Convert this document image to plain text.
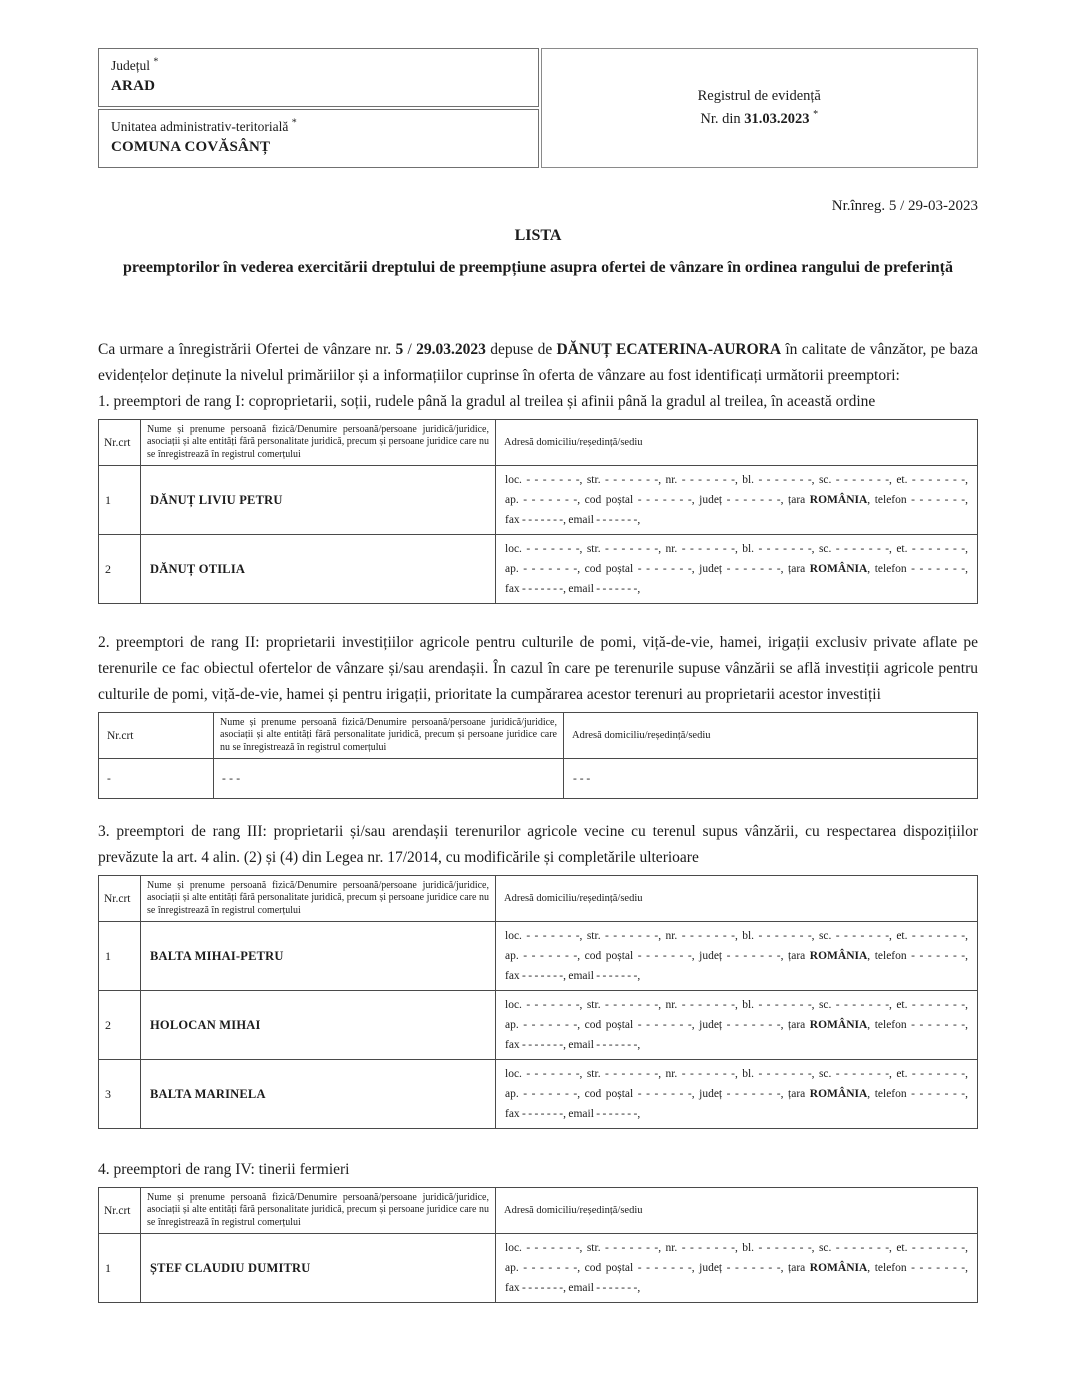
Județul *
ARAD
Unitatea administrativ-teritorială *
COMUNA COVĂSÂNȚ
Registrul de evidență
Nr. din 31.03.2023 *
Nr.înreg. 5 / 29-03-2023
LISTA
preemptorilor în vederea exercitării dreptului de preempțiune asupra ofertei de vânzare în ordinea rangului de preferință

Ca urmare a înregistrării Ofertei de vânzare nr. 5 / 29.03.2023 depuse de DĂNUȚ ECATERINA-AURORA în calitate de vânzător, pe baza evidențelor deținute la nivelul primăriilor și a informațiilor cuprinse în oferta de vânzare au fost identificați următorii preemptori:

1. preemptori de rang I: coproprietarii, soții, rudele până la gradul al treilea și afinii până la gradul al treilea, în această ordine

Nr.crt	Nume și prenume persoană fizică/Denumire persoană/persoane juridică/juridice, asociații și alte entități fără personalitate juridică, precum și persoane juridice care nu se înregistrează în registrul comerțului	Adresă domiciliu/reședință/sediu
1	DĂNUȚ LIVIU PETRU	loc. - - - - - - -, str. - - - - - - -, nr. - - - - - - -, bl. - - - - - - -, sc. - - - - - - -, et. - - - - - - -,
ap. - - - - - - -, cod poștal - - - - - - -, județ - - - - - - -, țara ROMÂNIA, telefon - - - - - - -,
fax - - - - - - -, email - - - - - - -,

2	DĂNUȚ OTILIA	loc. - - - - - - -, str. - - - - - - -, nr. - - - - - - -, bl. - - - - - - -, sc. - - - - - - -, et. - - - - - - -,
ap. - - - - - - -, cod poștal - - - - - - -, județ - - - - - - -, țara ROMÂNIA, telefon - - - - - - -,
fax - - - - - - -, email - - - - - - -,

2. preemptori de rang II: proprietarii investițiilor agricole pentru culturile de pomi, viță-de-vie, hamei, irigații exclusiv private aflate pe terenurile ce fac obiectul ofertelor de vânzare și/sau arendașii. În cazul în care pe terenurile supuse vânzării se află investiții agricole pentru culturile de pomi, viță-de-vie, hamei și pentru irigații, prioritate la cumpărarea acestor terenuri au proprietarii acestor investiții

Nr.crt	Nume și prenume persoană fizică/Denumire persoană/persoane juridică/juridice, asociații și alte entități fără personalitate juridică, precum și persoane juridice care nu se înregistrează în registrul comerțului	Adresă domiciliu/reședință/sediu
-	- - -	- - -

3. preemptori de rang III: proprietarii și/sau arendașii terenurilor agricole vecine cu terenul supus vânzării, cu respectarea dispozițiilor prevăzute la art. 4 alin. (2) și (4) din Legea nr. 17/2014, cu modificările și completările ulterioare

Nr.crt	Nume și prenume persoană fizică/Denumire persoană/persoane juridică/juridice, asociații și alte entități fără personalitate juridică, precum și persoane juridice care nu se înregistrează în registrul comerțului	Adresă domiciliu/reședință/sediu
1	BALTA MIHAI-PETRU	loc. - - - - - - -, str. - - - - - - -, nr. - - - - - - -, bl. - - - - - - -, sc. - - - - - - -, et. - - - - - - -,
ap. - - - - - - -, cod poștal - - - - - - -, județ - - - - - - -, țara ROMÂNIA, telefon - - - - - - -,
fax - - - - - - -, email - - - - - - -,

2	HOLOCAN MIHAI	loc. - - - - - - -, str. - - - - - - -, nr. - - - - - - -, bl. - - - - - - -, sc. - - - - - - -, et. - - - - - - -,
ap. - - - - - - -, cod poștal - - - - - - -, județ - - - - - - -, țara ROMÂNIA, telefon - - - - - - -,
fax - - - - - - -, email - - - - - - -,

3	BALTA MARINELA	loc. - - - - - - -, str. - - - - - - -, nr. - - - - - - -, bl. - - - - - - -, sc. - - - - - - -, et. - - - - - - -,
ap. - - - - - - -, cod poștal - - - - - - -, județ - - - - - - -, țara ROMÂNIA, telefon - - - - - - -,
fax - - - - - - -, email - - - - - - -,

4. preemptori de rang IV: tinerii fermieri

Nr.crt	Nume și prenume persoană fizică/Denumire persoană/persoane juridică/juridice, asociații și alte entități fără personalitate juridică, precum și persoane juridice care nu se înregistrează în registrul comerțului	Adresă domiciliu/reședință/sediu
1	ȘTEF CLAUDIU DUMITRU	loc. - - - - - - -, str. - - - - - - -, nr. - - - - - - -, bl. - - - - - - -, sc. - - - - - - -, et. - - - - - - -,
ap. - - - - - - -, cod poștal - - - - - - -, județ - - - - - - -, țara ROMÂNIA, telefon - - - - - - -,
fax - - - - - - -, email - - - - - - -,
